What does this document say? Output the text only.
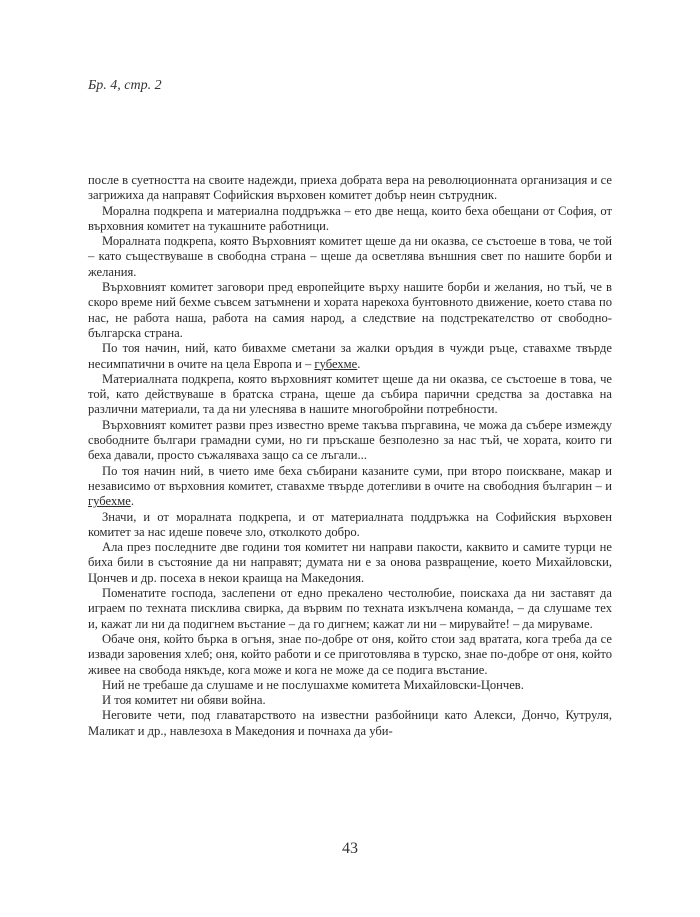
Бр. 4, стр. 2

после в суетността на своите надежди, приеха добрата вера на революционната организация и се загрижиха да направят Софийския върховен комитет добър неин сътрудник.

Морална подкрепа и материална поддръжка – ето две неща, които беха обещани от София, от върховния комитет на тукашните работници.

Моралната подкрепа, която Върховният комитет щеше да ни оказва, се състоеше в това, че той – като съществуваше в свободна страна – щеше да осветлява външния свет по нашите борби и желания.

Върховният комитет заговори пред европейците върху нашите борби и желания, но тъй, че в скоро време ний бехме съвсем затъмнени и хората нарекоха бунтовното движение, което става по нас, не работа наша, работа на самия народ, а следствие на подстрекателство от свободно-българска страна.

По тоя начин, ний, като бивахме сметани за жалки оръдия в чужди ръце, ставахме твърде несимпатични в очите на цела Европа и – губехме.

Материалната подкрепа, която върховният комитет щеше да ни оказва, се състоеше в това, че той, като действуваше в братска страна, щеше да събира парични средства за доставка на различни материали, та да ни улеснява в нашите многобройни потребности.

Върховният комитет разви през известно време такъва пъргавина, че можа да събере измежду свободните българи грамадни суми, но ги пръскаше безполезно за нас тъй, че хората, които ги беха давали, просто съжаляваха защо са се лъгали...

По тоя начин ний, в чието име беха събирани казаните суми, при второ поискване, макар и независимо от върховния комитет, ставахме твърде дотегливи в очите на свободния българин – и губехме.

Значи, и от моралната подкрепа, и от материалната поддръжка на Софийския върховен комитет за нас идеше повече зло, отколкото добро.

Ала през последните две години тоя комитет ни направи пакости, каквито и самите турци не биха били в състояние да ни направят; думата ни е за онова развращение, което Михайловски, Цончев и др. посеха в некои краища на Македония.

Поменатите господа, заслепени от едно прекалено честолюбие, поискаха да ни заставят да играем по техната писклива свирка, да вървим по техната изкълчена команда, – да слушаме тех и, кажат ли ни да подигнем въстание – да го дигнем; кажат ли ни – мирувайте! – да мируваме.

Обаче оня, който бърка в огъня, знае по-добре от оня, който стои зад вратата, кога треба да се извади заровения хлеб; оня, който работи и се приготовлява в турско, знае по-добре от оня, който живее на свобода някъде, кога може и кога не може да се подига въстание.

Ний не требаше да слушаме и не послушахме комитета Михайловски-Цончев.

И тоя комитет ни обяви война.

Неговите чети, под главатарството на известни разбойници като Алекси, Дончо, Кутруля, Маликат и др., навлезоха в Македония и почнаха да уби-

43
